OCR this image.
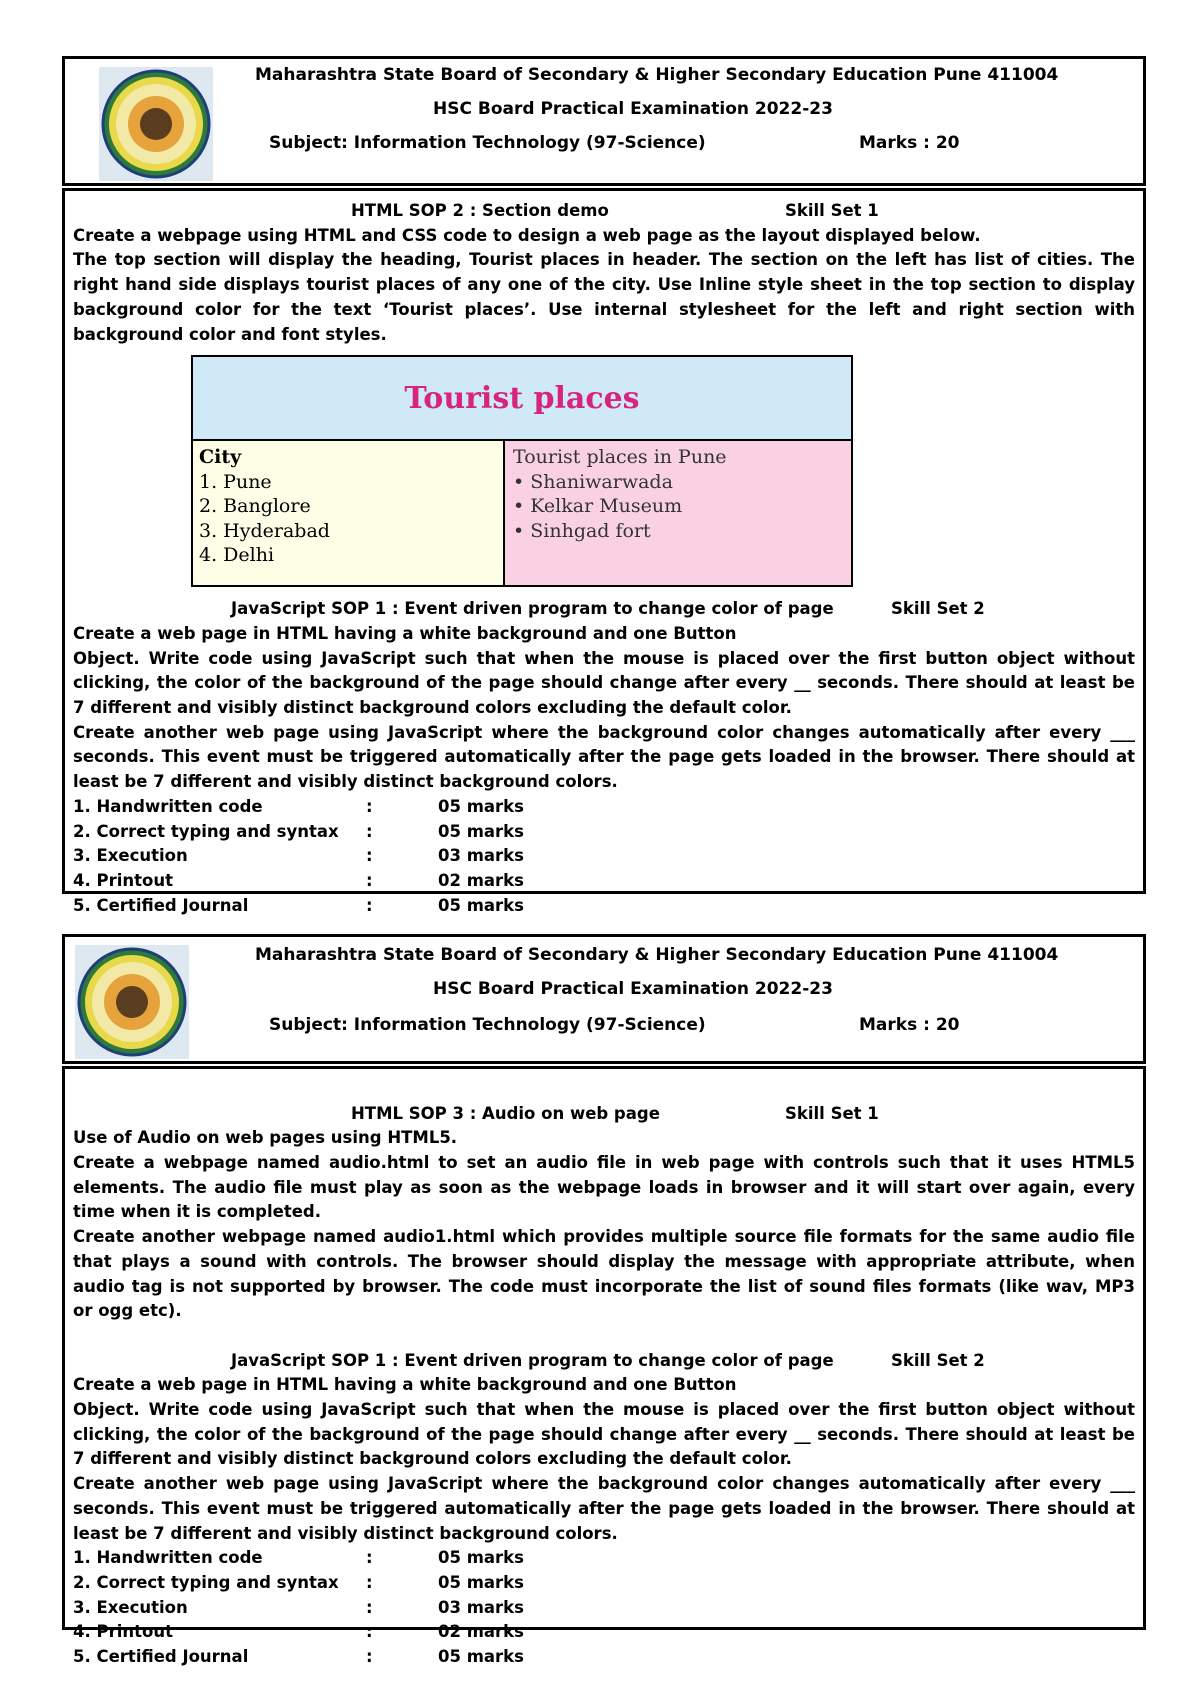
Maharashtra State Board of Secondary & Higher Secondary Education Pune 411004
HSC Board Practical Examination 2022-23
Subject: Information Technology (97-Science)	Marks : 20
HTML SOP 2 : Section demo	Skill Set 1

Create a webpage using HTML and CSS code to design a web page as the layout displayed below.

The top section will display the heading, Tourist places in header. The section on the left has list of cities. The right hand side displays tourist places of any one of the city. Use Inline style sheet in the top section to display background color for the text ‘Tourist places’. Use internal stylesheet for the left and right section with background color and font styles.

Tourist places
City
1. Pune
2. Banglore
3. Hyderabad
4. Delhi
Tourist places in Pune
• Shaniwarwada
• Kelkar Museum
• Sinhgad fort
JavaScript SOP 1 : Event driven program to change color of page	Skill Set 2

Create a web page in HTML having a white background and one Button

Object. Write code using JavaScript such that when the mouse is placed over the first button object without clicking, the color of the background of the page should change after every __ seconds. There should at least be 7 different and visibly distinct background colors excluding the default color.

Create another web page using JavaScript where the background color changes automatically after every ___ seconds. This event must be triggered automatically after the page gets loaded in the browser. There should at least be 7 different and visibly distinct background colors.

1. Handwritten code	:	05 marks
2. Correct typing and syntax :	05 marks
3. Execution	:	03 marks
4. Printout	:	02 marks
5. Certified Journal	:	05 marks
Maharashtra State Board of Secondary & Higher Secondary Education Pune 411004
HSC Board Practical Examination 2022-23
Subject: Information Technology (97-Science)	Marks : 20
HTML SOP 3 : Audio on web page	Skill Set 1

Use of Audio on web pages using HTML5.

Create a webpage named audio.html to set an audio file in web page with controls such that it uses HTML5 elements. The audio file must play as soon as the webpage loads in browser and it will start over again, every time when it is completed.

Create another webpage named audio1.html which provides multiple source file formats for the same audio file that plays a sound with controls. The browser should display the message with appropriate attribute, when audio tag is not supported by browser. The code must incorporate the list of sound files formats (like wav, MP3 or ogg etc).

JavaScript SOP 1 : Event driven program to change color of page	Skill Set 2

Create a web page in HTML having a white background and one Button

Object. Write code using JavaScript such that when the mouse is placed over the first button object without clicking, the color of the background of the page should change after every __ seconds. There should at least be 7 different and visibly distinct background colors excluding the default color.

Create another web page using JavaScript where the background color changes automatically after every ___ seconds. This event must be triggered automatically after the page gets loaded in the browser. There should at least be 7 different and visibly distinct background colors.

1. Handwritten code	:	05 marks
2. Correct typing and syntax :	05 marks
3. Execution	:	03 marks
4. Printout	:	02 marks
5. Certified Journal	:	05 marks
